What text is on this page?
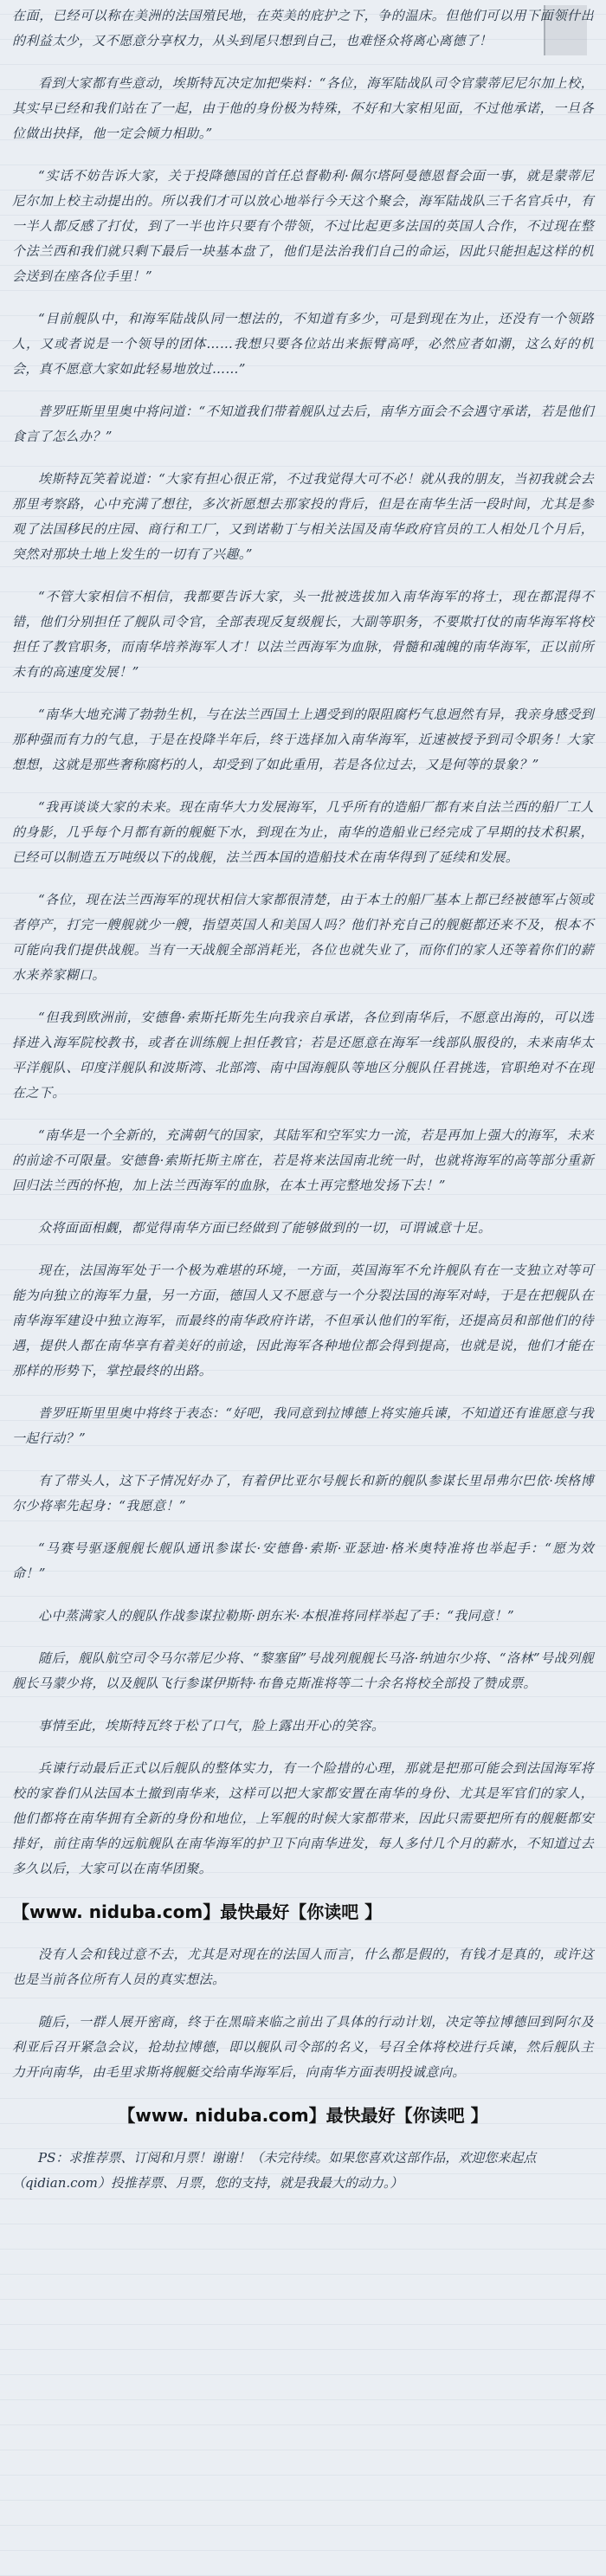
在面，已经可以称在美洲的法国殖民地，在英美的庇护之下，争的温床。但他们可以用下面领什出的利益太少，又不愿意分享权力，从头到尾只想到自己，也难怪众将离心离德了！

看到大家都有些意动，埃斯特瓦决定加把柴料：“各位，海军陆战队司令官蒙蒂尼尼尔加上校，其实早已经和我们站在了一起，由于他的身份极为特殊，不好和大家相见面，不过他承诺，一旦各位做出抉择，他一定会倾力相助。”

“实话不妨告诉大家，关于投降德国的首任总督勒利·佩尔塔阿曼德恩督会面一事，就是蒙蒂尼尼尔加上校主动提出的。所以我们才可以放心地举行今天这个聚会，海军陆战队三千名官兵中，有一半人都反感了打仗，到了一半也许只要有个带领，不过比起更多法国的英国人合作，不过现在整个法兰西和我们就只剩下最后一块基本盘了，他们是法治我们自己的命运，因此只能担起这样的机会送到在座各位手里！”

“目前舰队中，和海军陆战队同一想法的，不知道有多少，可是到现在为止，还没有一个领路人，又或者说是一个领导的团体……我想只要各位站出来振臂高呼，必然应者如潮，这么好的机会，真不愿意大家如此轻易地放过……”

普罗旺斯里里奥中将问道：“不知道我们带着舰队过去后，南华方面会不会遇守承诺，若是他们食言了怎么办？”

埃斯特瓦笑着说道：“大家有担心很正常，不过我觉得大可不必！就从我的朋友，当初我就会去那里考察路，心中充满了想往，多次祈愿想去那家投的背后，但是在南华生活一段时间，尤其是参观了法国移民的庄园、商行和工厂，又到诺勒丁与相关法国及南华政府官员的工人相处几个月后，突然对那块土地上发生的一切有了兴趣。”

“不管大家相信不相信，我都要告诉大家，头一批被选拔加入南华海军的将士，现在都混得不错，他们分别担任了舰队司令官，全部表现反复级舰长，大副等职务，不要欺打仗的南华海军将校担任了教官职务，而南华培养海军人才！以法兰西海军为血脉，骨髓和魂魄的南华海军，正以前所未有的高速度发展！”

“南华大地充满了勃勃生机，与在法兰西国土上遇受到的限阻腐朽气息迥然有异，我亲身感受到那种强而有力的气息，于是在投降半年后，终于选择加入南华海军，近速被授予到司令职务！大家想想，这就是那些奢称腐朽的人，却受到了如此重用，若是各位过去，又是何等的景象？”

“我再谈谈大家的未来。现在南华大力发展海军，几乎所有的造船厂都有来自法兰西的船厂工人的身影，几乎每个月都有新的舰艇下水，到现在为止，南华的造船业已经完成了早期的技术积累，已经可以制造五万吨级以下的战舰，法兰西本国的造船技术在南华得到了延续和发展。

“各位，现在法兰西海军的现状相信大家都很清楚，由于本土的船厂基本上都已经被德军占领或者停产，打完一艘舰就少一艘，指望英国人和美国人吗？他们补充自己的舰艇都还来不及，根本不可能向我们提供战舰。当有一天战舰全部消耗光，各位也就失业了，而你们的家人还等着你们的薪水来养家糊口。

“但我到欧洲前，安德鲁·索斯托斯先生向我亲自承诺，各位到南华后，不愿意出海的，可以选择进入海军院校教书，或者在训练舰上担任教官；若是还愿意在海军一线部队服役的，未来南华太平洋舰队、印度洋舰队和波斯湾、北部湾、南中国海舰队等地区分舰队任君挑选，官职绝对不在现在之下。

“南华是一个全新的，充满朝气的国家，其陆军和空军实力一流，若是再加上强大的海军，未来的前途不可限量。安德鲁·索斯托斯主席在，若是将来法国南北统一时，也就将海军的高等部分重新回归法兰西的怀抱，加上法兰西海军的血脉，在本土再完整地发扬下去！”

众将面面相觑，都觉得南华方面已经做到了能够做到的一切，可谓诚意十足。

现在，法国海军处于一个极为难堪的环境，一方面，英国海军不允许舰队有在一支独立对等可能为向独立的海军力量，另一方面，德国人又不愿意与一个分裂法国的海军对峙，于是在把舰队在南华海军建设中独立海军，而最终的南华政府许诺，不但承认他们的军衔，还提高员和部他们的待遇，提供人都在南华享有着美好的前途，因此海军各种地位都会得到提高，也就是说，他们才能在那样的形势下，掌控最终的出路。

普罗旺斯里里奥中将终于表态：“好吧，我同意到拉博德上将实施兵谏，不知道还有谁愿意与我一起行动？”

有了带头人，这下子情况好办了，有着伊比亚尔号舰长和新的舰队参谋长里昂弗尔巴依·埃格博尔少将率先起身：“我愿意！”

“马赛号驱逐舰舰长舰队通讯参谋长·安德鲁·索斯·亚瑟迪·格米奥特准将也举起手：“愿为效命！”

心中蒸满家人的舰队作战参谋拉勒斯·朗东米·本根准将同样举起了手：“我同意！”

随后，舰队航空司令马尔蒂尼少将、“黎塞留”号战列舰舰长马洛·纳迪尔少将、“洛林”号战列舰舰长马蒙少将，以及舰队飞行参谋伊斯特·布鲁克斯准将等二十余名将校全部投了赞成票。

事情至此，埃斯特瓦终于松了口气，脸上露出开心的笑容。

兵谏行动最后正式以后舰队的整体实力，有一个险措的心理，那就是把那可能会到法国海军将校的家眷们从法国本土撤到南华来，这样可以把大家都安置在南华的身份、尤其是军官们的家人，他们都将在南华拥有全新的身份和地位，上军舰的时候大家都带来，因此只需要把所有的舰艇都安排好，前往南华的远航舰队在南华海军的护卫下向南华进发，每人多付几个月的薪水，不知道过去多久以后，大家可以在南华团聚。

【www. niduba.com】最快最好【你读吧 】

没有人会和钱过意不去，尤其是对现在的法国人而言，什么都是假的，有钱才是真的，或许这也是当前各位所有人员的真实想法。

随后，一群人展开密商，终于在黑暗来临之前出了具体的行动计划，决定等拉博德回到阿尔及利亚后召开紧急会议，抢劫拉博德，即以舰队司令部的名义，号召全体将校进行兵谏，然后舰队主力开向南华，由毛里求斯将舰艇交给南华海军后，向南华方面表明投诚意向。

【www. niduba.com】最快最好【你读吧 】

PS：求推荐票、订阅和月票！谢谢！（未完待续。如果您喜欢这部作品，欢迎您来起点（qidian.com）投推荐票、月票，您的支持，就是我最大的动力。）
